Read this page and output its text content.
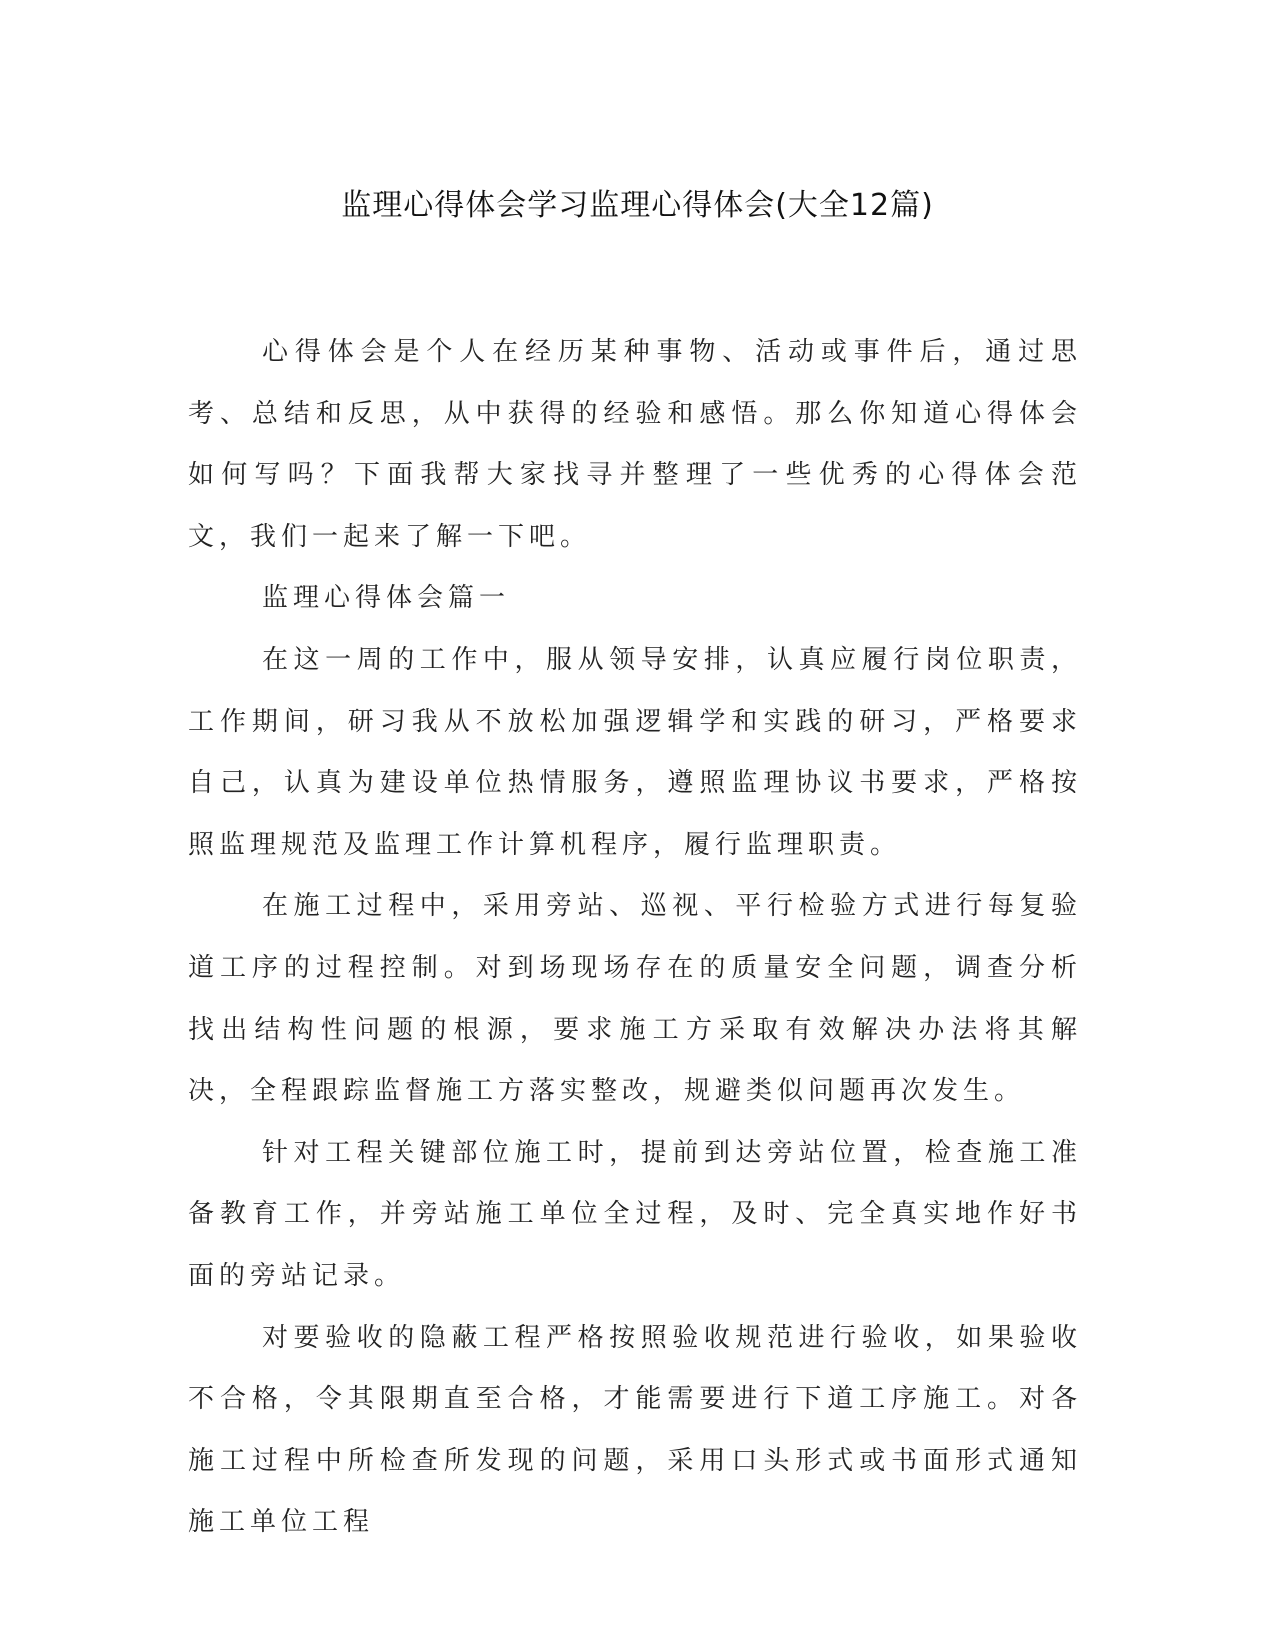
监理心得体会学习监理心得体会(大全12篇)

心得体会是个人在经历某种事物、活动或事件后，通过思考、总结和反思，从中获得的经验和感悟。那么你知道心得体会如何写吗？下面我帮大家找寻并整理了一些优秀的心得体会范文，我们一起来了解一下吧。

监理心得体会篇一

在这一周的工作中，服从领导安排，认真应履行岗位职责，工作期间，研习我从不放松加强逻辑学和实践的研习，严格要求自己，认真为建设单位热情服务，遵照监理协议书要求，严格按照监理规范及监理工作计算机程序，履行监理职责。

在施工过程中，采用旁站、巡视、平行检验方式进行每复验道工序的过程控制。对到场现场存在的质量安全问题，调查分析找出结构性问题的根源，要求施工方采取有效解决办法将其解决，全程跟踪监督施工方落实整改，规避类似问题再次发生。

针对工程关键部位施工时，提前到达旁站位置，检查施工准备教育工作，并旁站施工单位全过程，及时、完全真实地作好书面的旁站记录。

对要验收的隐蔽工程严格按照验收规范进行验收，如果验收不合格，令其限期直至合格，才能需要进行下道工序施工。对各施工过程中所检查所发现的问题，采用口头形式或书面形式通知施工单位工程
